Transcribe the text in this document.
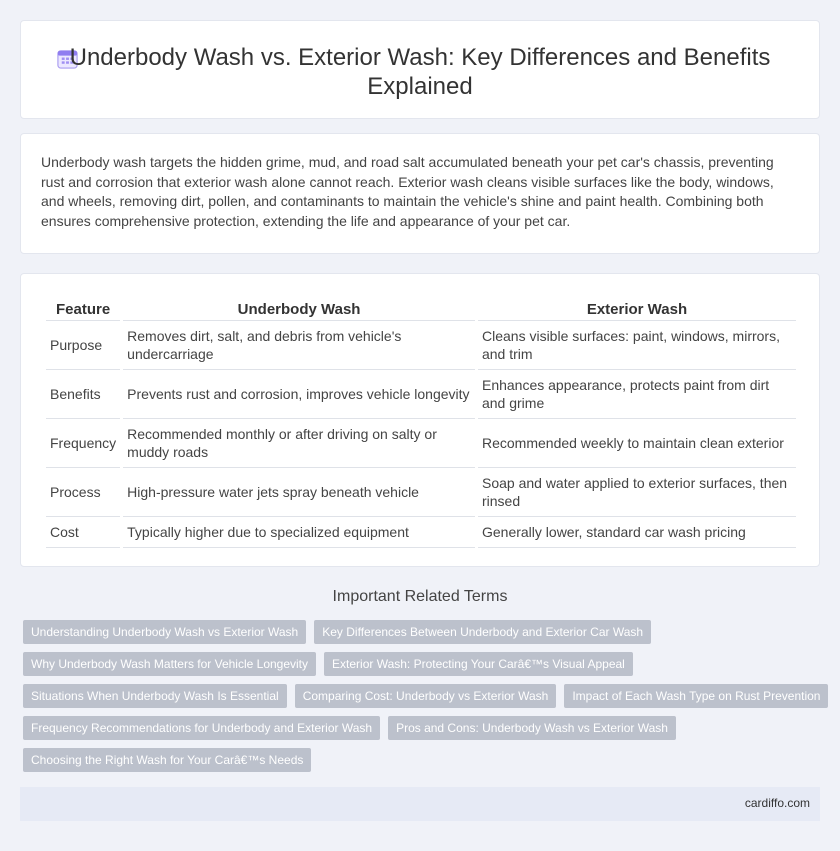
Underbody Wash vs. Exterior Wash: Key Differences and Benefits Explained

Underbody wash targets the hidden grime, mud, and road salt accumulated beneath your pet car's chassis, preventing rust and corrosion that exterior wash alone cannot reach. Exterior wash cleans visible surfaces like the body, windows, and wheels, removing dirt, pollen, and contaminants to maintain the vehicle's shine and paint health. Combining both ensures comprehensive protection, extending the life and appearance of your pet car.

Feature	Underbody Wash	Exterior Wash
Purpose	Removes dirt, salt, and debris from vehicle's undercarriage	Cleans visible surfaces: paint, windows, mirrors, and trim
Benefits	Prevents rust and corrosion, improves vehicle longevity	Enhances appearance, protects paint from dirt and grime
Frequency	Recommended monthly or after driving on salty or muddy roads	Recommended weekly to maintain clean exterior
Process	High-pressure water jets spray beneath vehicle	Soap and water applied to exterior surfaces, then rinsed
Cost	Typically higher due to specialized equipment	Generally lower, standard car wash pricing
Important Related Terms
Understanding Underbody Wash vs Exterior Wash	Key Differences Between Underbody and Exterior Car Wash
Why Underbody Wash Matters for Vehicle Longevity	Exterior Wash: Protecting Your Carâ€™s Visual Appeal
Situations When Underbody Wash Is Essential	Comparing Cost: Underbody vs Exterior Wash	Impact of Each Wash Type on Rust Prevention
Frequency Recommendations for Underbody and Exterior Wash	Pros and Cons: Underbody Wash vs Exterior Wash
Choosing the Right Wash for Your Carâ€™s Needs
cardiffo.com
